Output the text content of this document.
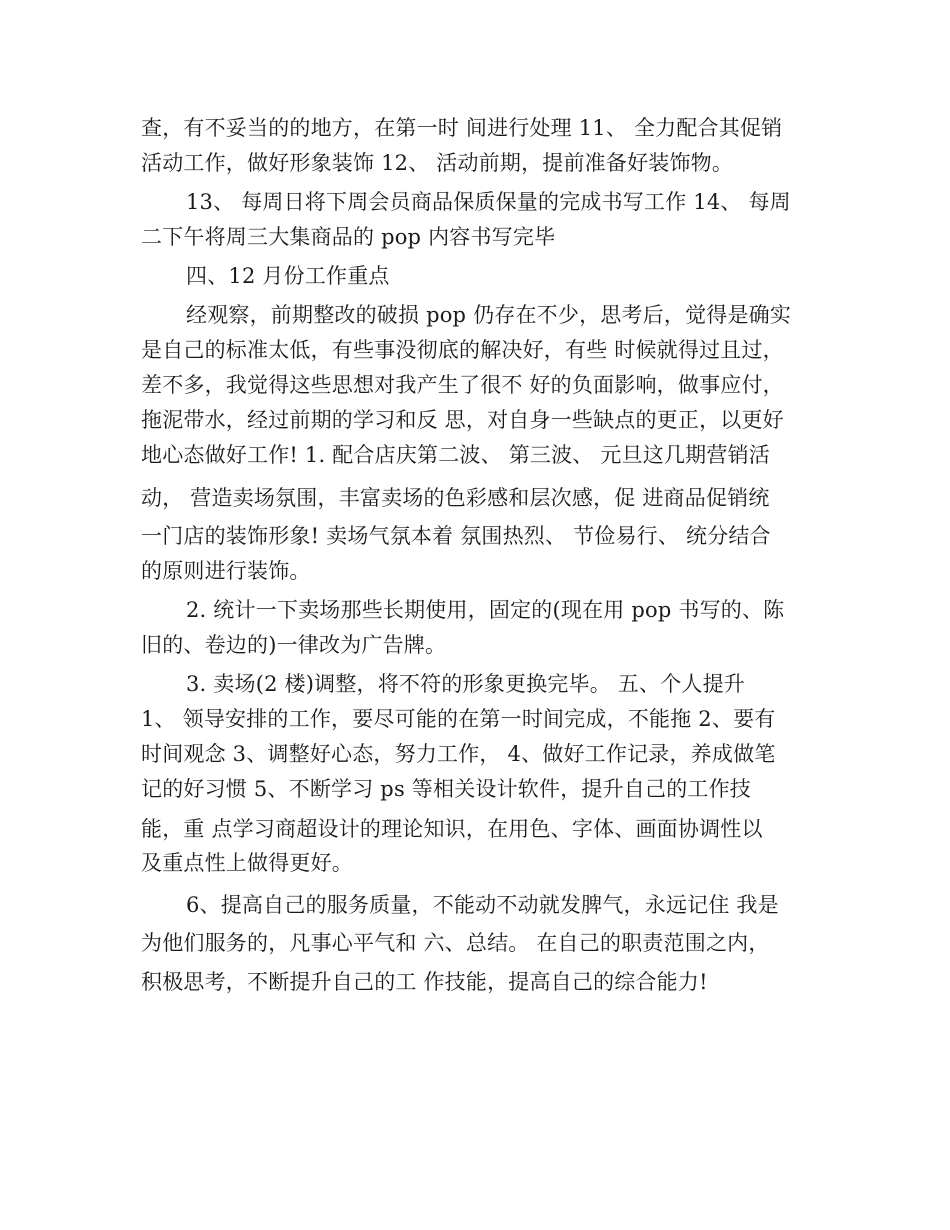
查，有不妥当的的地方，在第一时 间进行处理 11、 全力配合其促销
活动工作，做好形象装饰 12、 活动前期，提前准备好装饰物。
13、 每周日将下周会员商品保质保量的完成书写工作 14、 每周
二下午将周三大集商品的 pop 内容书写完毕
四、12 月份工作重点
经观察，前期整改的破损 pop 仍存在不少，思考后，觉得是确实
是自己的标准太低，有些事没彻底的解决好，有些 时候就得过且过，
差不多，我觉得这些思想对我产生了很不 好的负面影响，做事应付，
拖泥带水，经过前期的学习和反 思，对自身一些缺点的更正，以更好
地心态做好工作! 1. 配合店庆第二波、 第三波、 元旦这几期营销活
动， 营造卖场氛围，丰富卖场的色彩感和层次感，促 进商品促销统
一门店的装饰形象! 卖场气氛本着 氛围热烈、 节俭易行、 统分结合
的原则进行装饰。
2. 统计一下卖场那些长期使用，固定的(现在用 pop 书写的、陈
旧的、卷边的)一律改为广告牌。
3. 卖场(2 楼)调整，将不符的形象更换完毕。 五、个人提升
1、 领导安排的工作，要尽可能的在第一时间完成，不能拖 2、要有
时间观念 3、调整好心态，努力工作， 4、做好工作记录，养成做笔
记的好习惯 5、不断学习 ps 等相关设计软件，提升自己的工作技
能，重 点学习商超设计的理论知识，在用色、字体、画面协调性以
及重点性上做得更好。
6、提高自己的服务质量，不能动不动就发脾气，永远记住 我是
为他们服务的，凡事心平气和 六、总结。 在自己的职责范围之内，
积极思考，不断提升自己的工 作技能，提高自己的综合能力!
